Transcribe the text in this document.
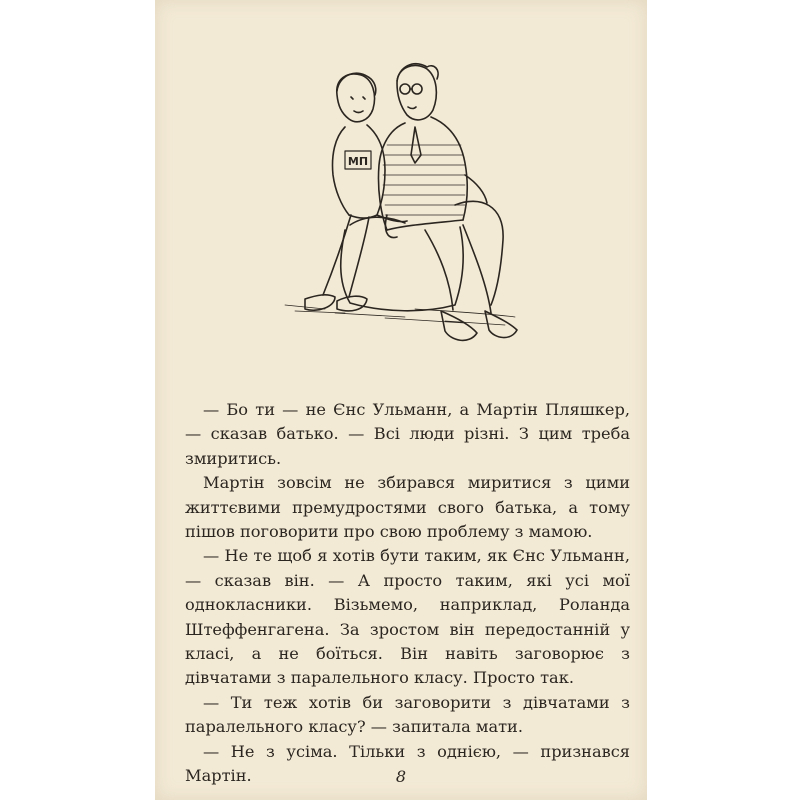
МП

— Бо ти — не Єнс Ульманн, а Мартін Пляшкер, — сказав батько. — Всі люди різні. З цим треба змиритись.

Мартін зовсім не збирався миритися з цими життєвими премудростями свого батька, а тому пішов поговорити про свою проблему з мамою.

— Не те щоб я хотів бути таким, як Єнс Ульманн, — сказав він. — А просто таким, які усі мої однокласники. Візьмемо, наприклад, Роланда Штеффенгагена. За зростом він передостанній у класі, а не боїться. Він навіть заговорює з дівчатами з паралельного класу. Просто так.

— Ти теж хотів би заговорити з дівчатами з паралельного класу? — запитала мати.

— Не з усіма. Тільки з однією, — признався Мартін.	8
